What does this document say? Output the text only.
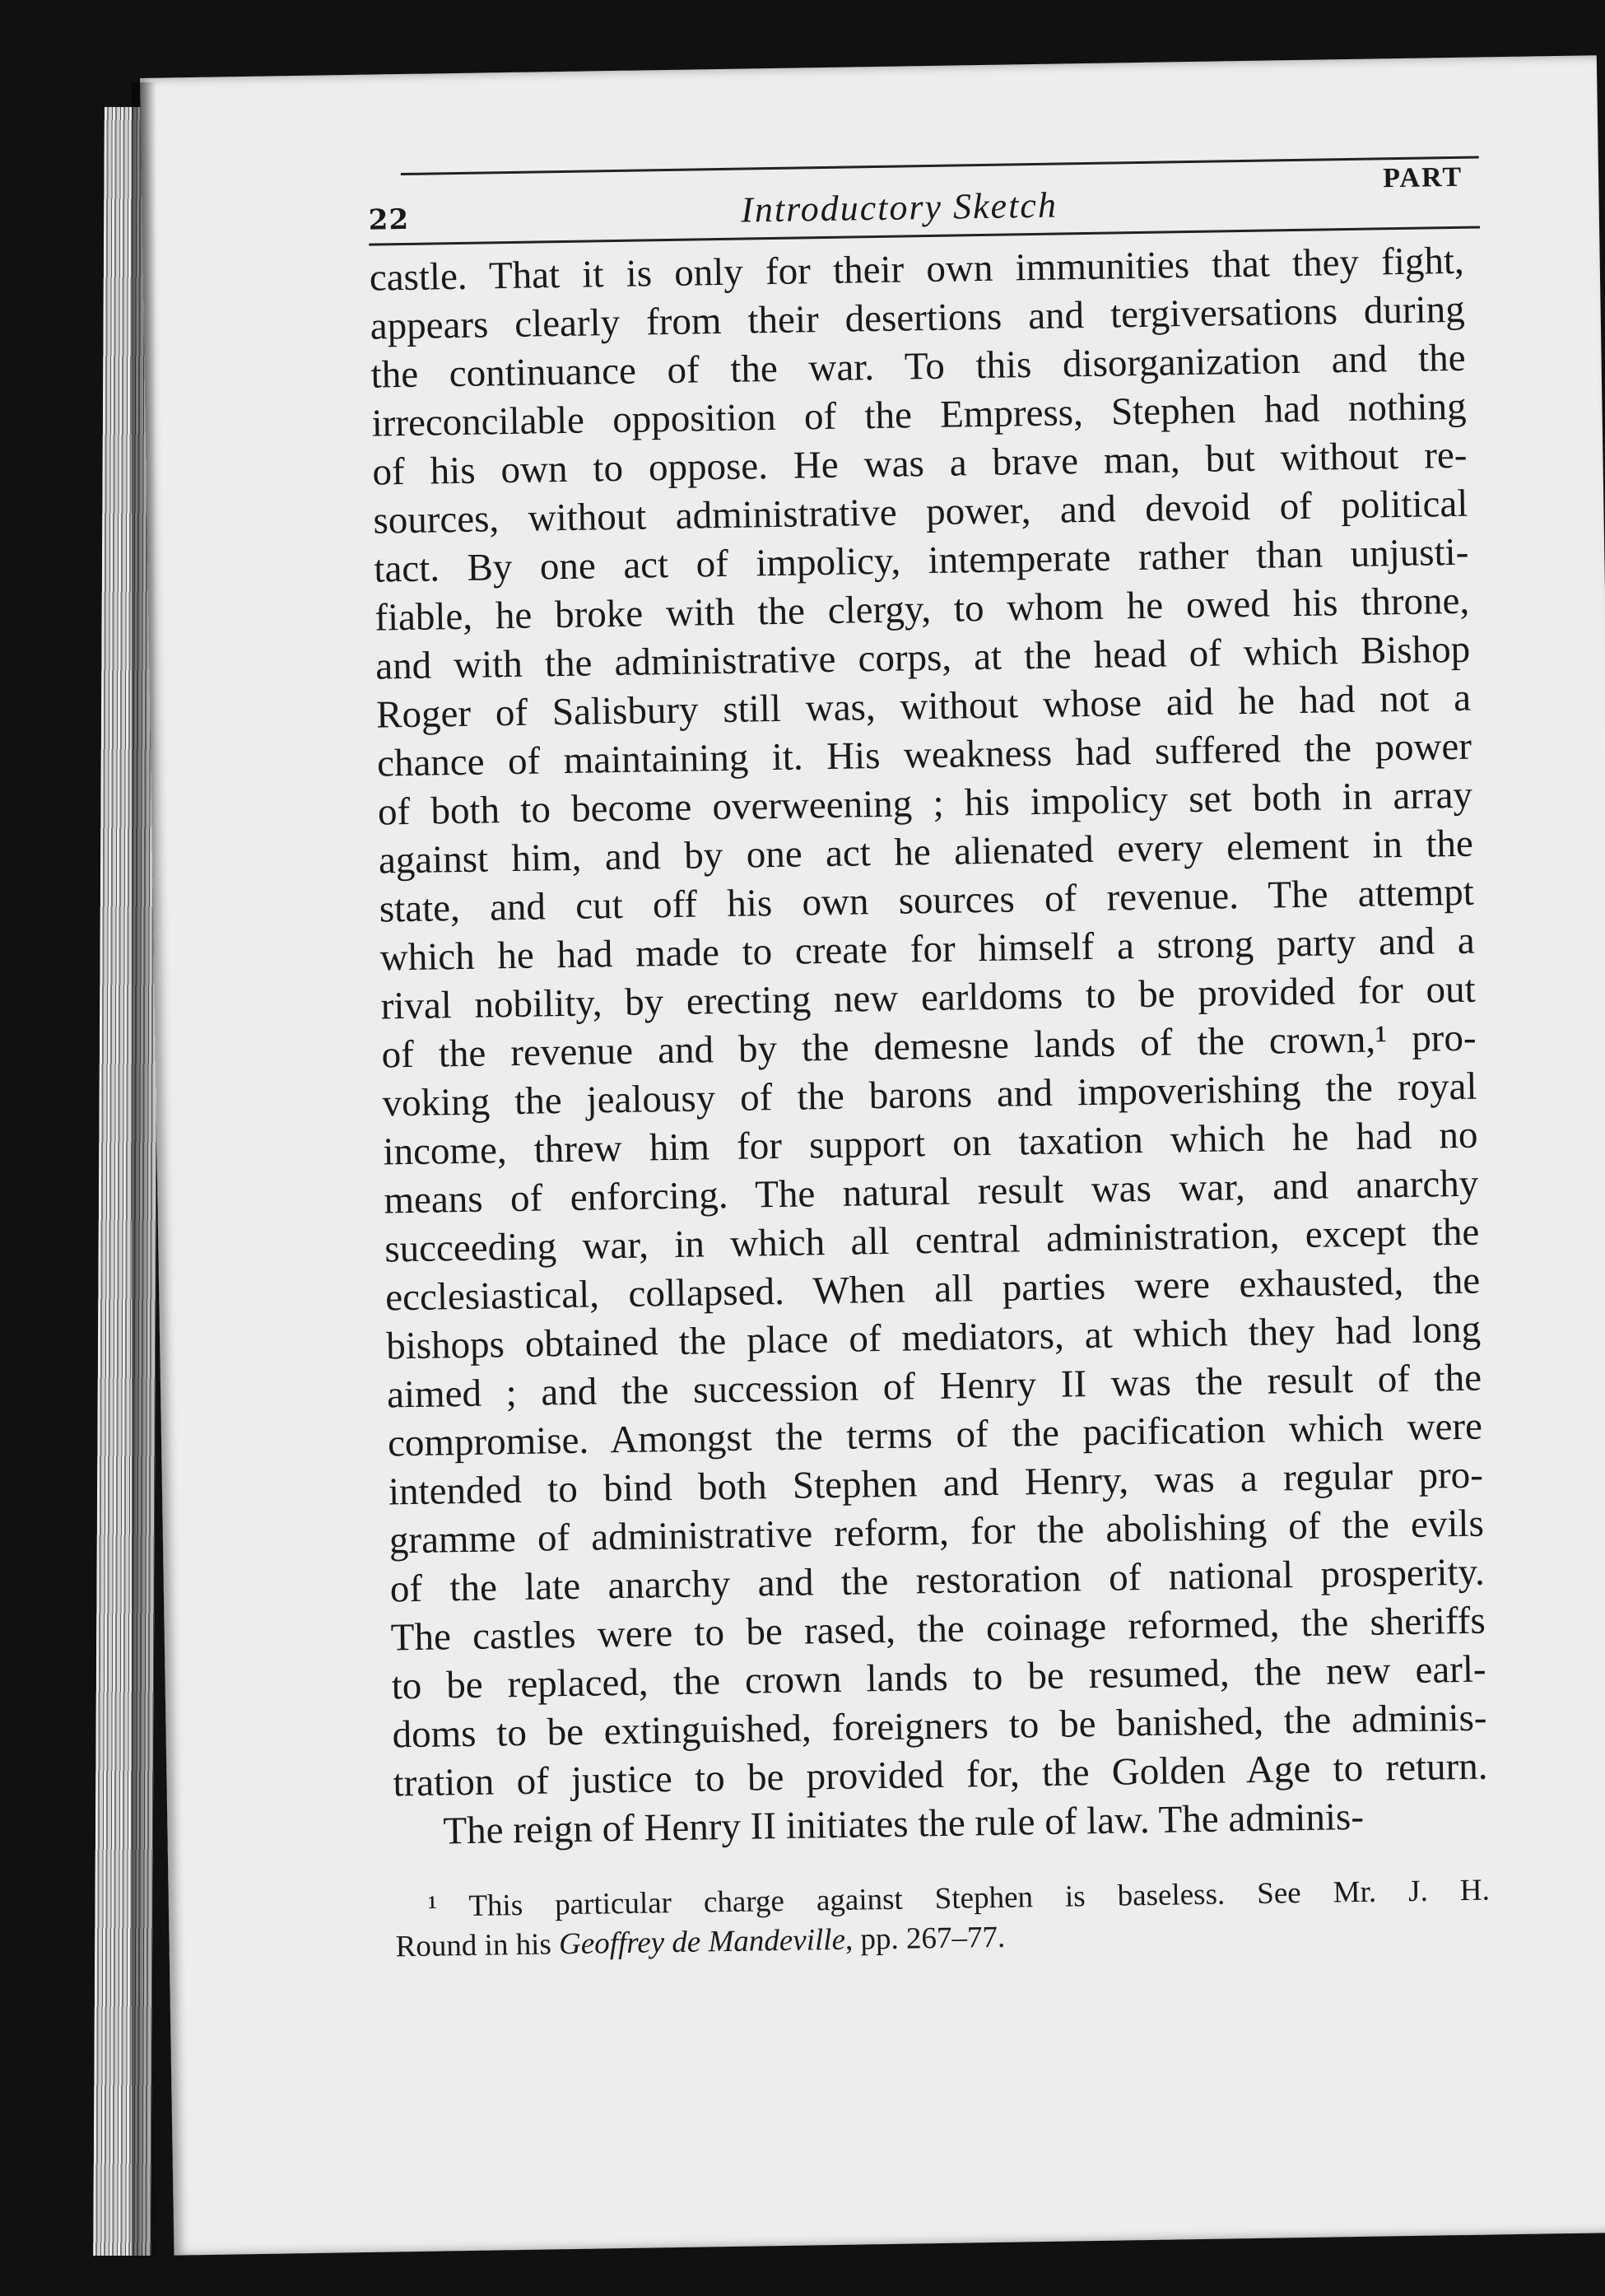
22	Introductory Sketch
PART
castle. That it is only for their own immunities that they fight,
appears clearly from their desertions and tergiversations during
the continuance of the war. To this disorganization and the
irreconcilable opposition of the Empress, Stephen had nothing
of his own to oppose. He was a brave man, but without re-
sources, without administrative power, and devoid of political
tact. By one act of impolicy, intemperate rather than unjusti-
fiable, he broke with the clergy, to whom he owed his throne,
and with the administrative corps, at the head of which Bishop
Roger of Salisbury still was, without whose aid he had not a
chance of maintaining it. His weakness had suffered the power
of both to become overweening ; his impolicy set both in array
against him, and by one act he alienated every element in the
state, and cut off his own sources of revenue. The attempt
which he had made to create for himself a strong party and a
rival nobility, by erecting new earldoms to be provided for out
of the revenue and by the demesne lands of the crown,¹ pro-
voking the jealousy of the barons and impoverishing the royal
income, threw him for support on taxation which he had no
means of enforcing. The natural result was war, and anarchy
succeeding war, in which all central administration, except the
ecclesiastical, collapsed. When all parties were exhausted, the
bishops obtained the place of mediators, at which they had long
aimed ; and the succession of Henry II was the result of the
compromise. Amongst the terms of the pacification which were
intended to bind both Stephen and Henry, was a regular pro-
gramme of administrative reform, for the abolishing of the evils
of the late anarchy and the restoration of national prosperity.
The castles were to be rased, the coinage reformed, the sheriffs
to be replaced, the crown lands to be resumed, the new earl-
doms to be extinguished, foreigners to be banished, the adminis-
tration of justice to be provided for, the Golden Age to return.
The reign of Henry II initiates the rule of law. The adminis-
¹ This particular charge against Stephen is baseless. See Mr. J. H.
Round in his Geoffrey de Mandeville, pp. 267–77.
